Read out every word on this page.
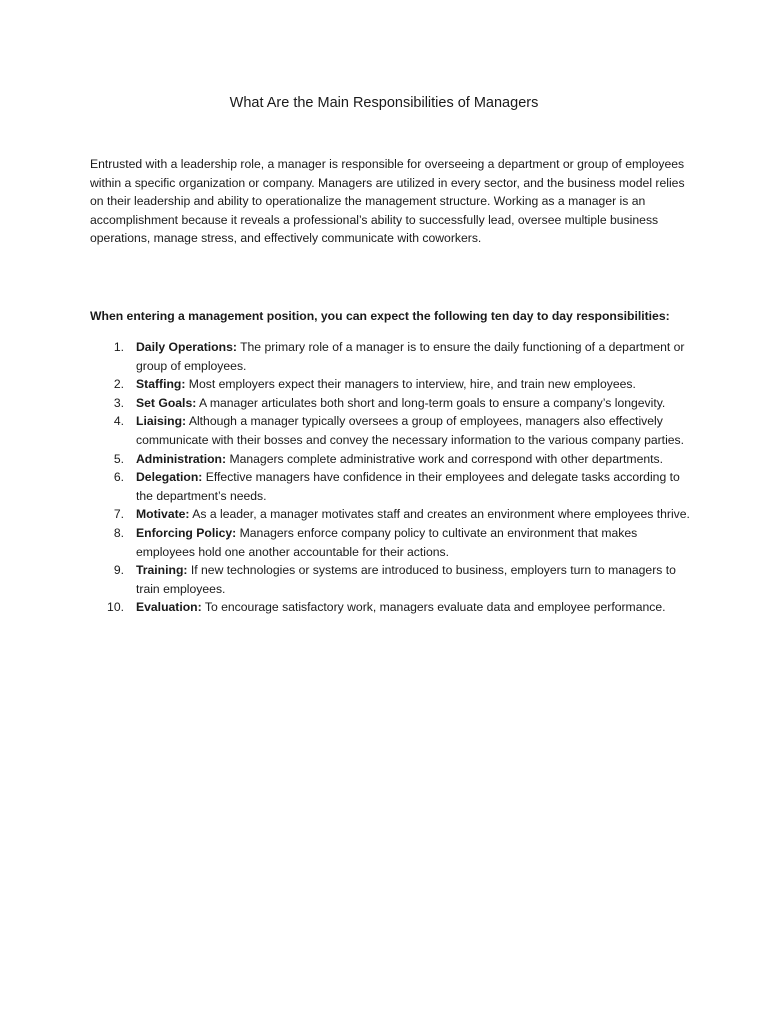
What Are the Main Responsibilities of Managers

Entrusted with a leadership role, a manager is responsible for overseeing a department or group of employees within a specific organization or company. Managers are utilized in every sector, and the business model relies on their leadership and ability to operationalize the management structure. Working as a manager is an accomplishment because it reveals a professional’s ability to successfully lead, oversee multiple business operations, manage stress, and effectively communicate with coworkers.

When entering a management position, you can expect the following ten day to day responsibilities:

1. Daily Operations: The primary role of a manager is to ensure the daily functioning of a department or group of employees.
2. Staffing: Most employers expect their managers to interview, hire, and train new employees.
3. Set Goals: A manager articulates both short and long-term goals to ensure a company’s longevity.
4. Liaising: Although a manager typically oversees a group of employees, managers also effectively communicate with their bosses and convey the necessary information to the various company parties.
5. Administration: Managers complete administrative work and correspond with other departments.
6. Delegation: Effective managers have confidence in their employees and delegate tasks according to the department’s needs.
7. Motivate: As a leader, a manager motivates staff and creates an environment where employees thrive.
8. Enforcing Policy: Managers enforce company policy to cultivate an environment that makes employees hold one another accountable for their actions.
9. Training: If new technologies or systems are introduced to business, employers turn to managers to train employees.
10. Evaluation: To encourage satisfactory work, managers evaluate data and employee performance.
